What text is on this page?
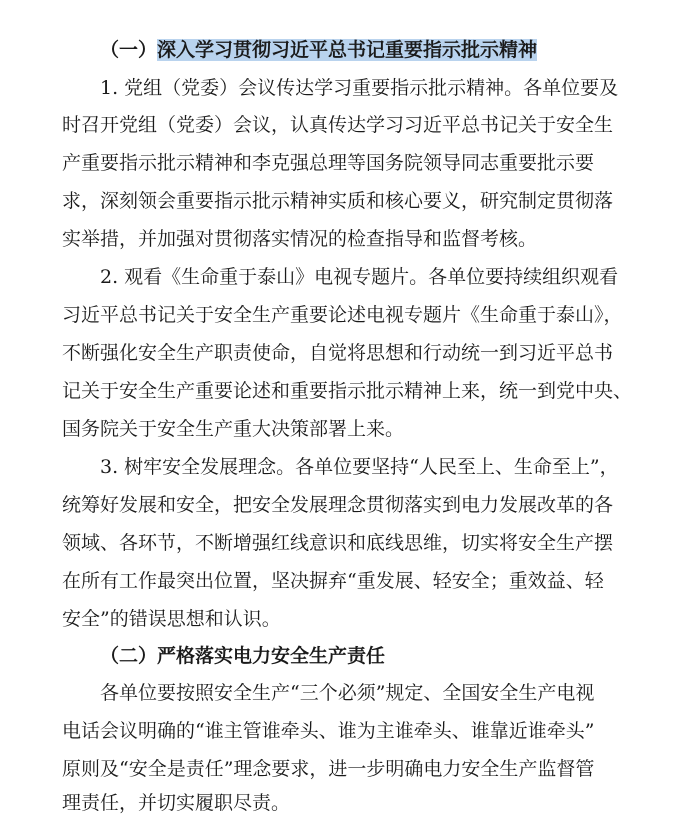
（一）深入学习贯彻习近平总书记重要指示批示精神
1. 党组（党委）会议传达学习重要指示批示精神。各单位要及
时召开党组（党委）会议，认真传达学习习近平总书记关于安全生
产重要指示批示精神和李克强总理等国务院领导同志重要批示要
求，深刻领会重要指示批示精神实质和核心要义，研究制定贯彻落
实举措，并加强对贯彻落实情况的检查指导和监督考核。
2. 观看《生命重于泰山》电视专题片。各单位要持续组织观看
习近平总书记关于安全生产重要论述电视专题片《生命重于泰山》，
不断强化安全生产职责使命，自觉将思想和行动统一到习近平总书
记关于安全生产重要论述和重要指示批示精神上来，统一到党中央、
国务院关于安全生产重大决策部署上来。
3. 树牢安全发展理念。各单位要坚持“人民至上、生命至上”，
统筹好发展和安全，把安全发展理念贯彻落实到电力发展改革的各
领域、各环节，不断增强红线意识和底线思维，切实将安全生产摆
在所有工作最突出位置，坚决摒弃“重发展、轻安全；重效益、轻
安全”的错误思想和认识。
（二）严格落实电力安全生产责任
各单位要按照安全生产“三个必须”规定、全国安全生产电视
电话会议明确的“谁主管谁牵头、谁为主谁牵头、谁靠近谁牵头”
原则及“安全是责任”理念要求，进一步明确电力安全生产监督管
理责任，并切实履职尽责。
